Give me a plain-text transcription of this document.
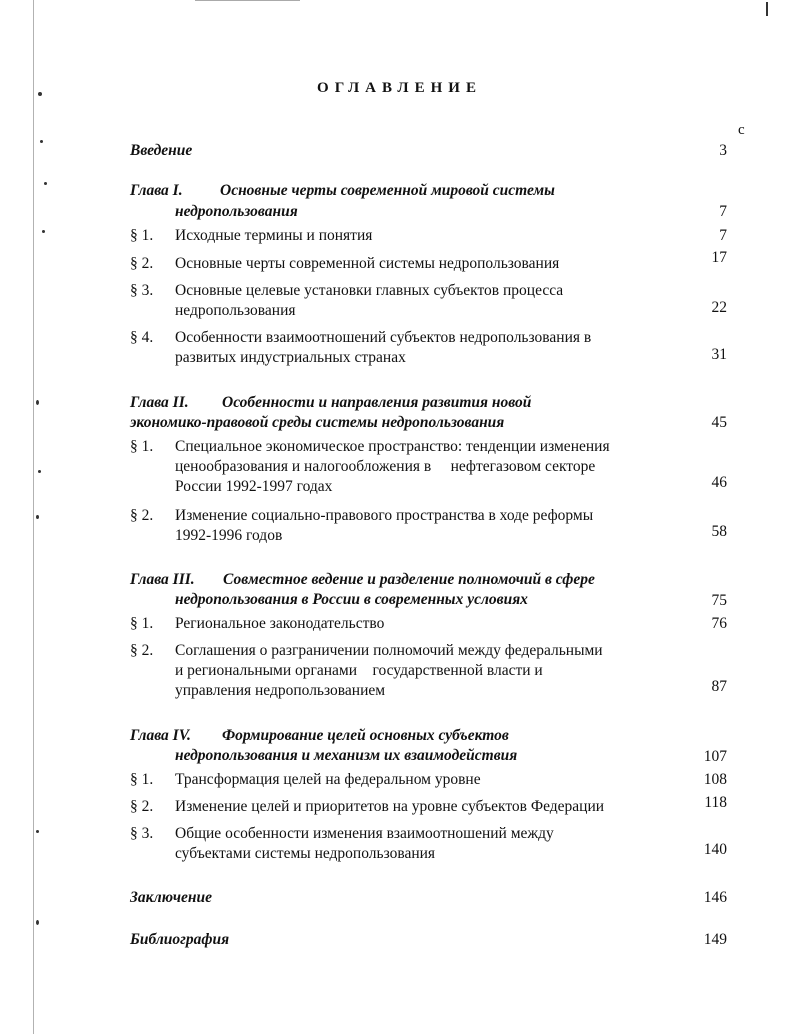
ОГЛАВЛЕНИЕ
с
Введение	3
Глава I. Основные черты современной мировой системы
недропользования	7
§ 1. Исходные термины и понятия	7
§ 2. Основные черты современной системы недропользования	17
§ 3. Основные целевые установки главных субъектов процесса
недропользования	22
§ 4. Особенности взаимоотношений субъектов недропользования в
развитых индустриальных странах	31
Глава II. Особенности и направления развития новой
экономико-правовой среды системы недропользования	45
§ 1. Специальное экономическое пространство: тенденции изменения
ценообразования и налогообложения в     нефтегазовом секторе
России 1992-1997 годах	46
§ 2. Изменение социально-правового пространства в ходе реформы
1992-1996 годов	58
Глава III. Совместное ведение и разделение полномочий в сфере
недропользования в России в современных условиях	75
§ 1. Региональное законодательство	76
§ 2. Соглашения о разграничении полномочий между федеральными
и региональными органами    государственной власти и
управления недропользованием	87
Глава IV. Формирование целей основных субъектов
недропользования и механизм их взаимодействия	107
§ 1. Трансформация целей на федеральном уровне	108
§ 2. Изменение целей и приоритетов на уровне субъектов Федерации	118
§ 3. Общие особенности изменения взаимоотношений между
субъектами системы недропользования	140
Заключение	146
Библиография	149
